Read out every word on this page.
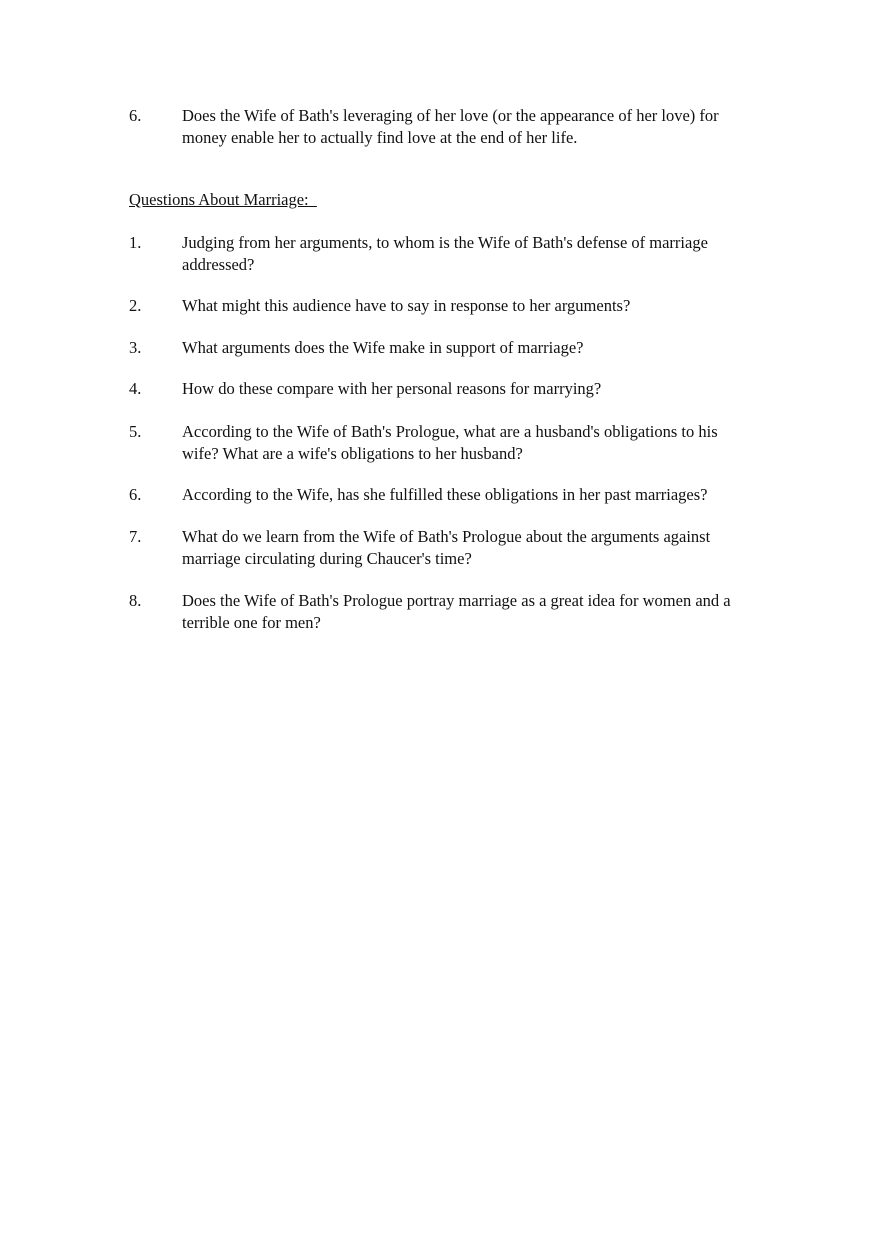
6.	Does the Wife of Bath's leveraging of her love (or the appearance of her love) for money enable her to actually find love at the end of her life.
Questions About Marriage:
1.	Judging from her arguments, to whom is the Wife of Bath's defense of marriage addressed?
2.	What might this audience have to say in response to her arguments?
3.	What arguments does the Wife make in support of marriage?
4.	How do these compare with her personal reasons for marrying?
5.	According to the Wife of Bath's Prologue, what are a husband's obligations to his wife? What are a wife's obligations to her husband?
6.	According to the Wife, has she fulfilled these obligations in her past marriages?
7.	What do we learn from the Wife of Bath's Prologue about the arguments against marriage circulating during Chaucer's time?
8.	Does the Wife of Bath's Prologue portray marriage as a great idea for women and a terrible one for men?
